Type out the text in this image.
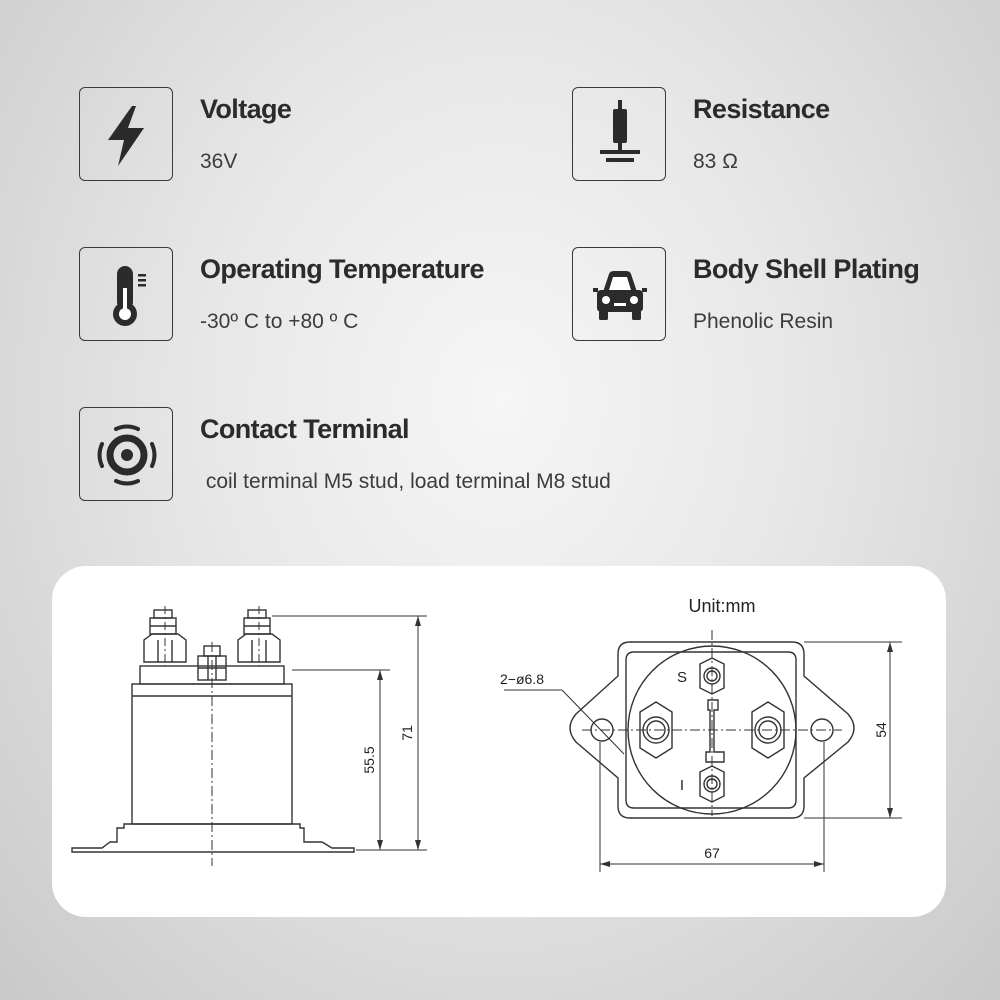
Voltage
36V
Resistance
83 Ω
Operating Temperature
-30º C to +80 º C
Body Shell Plating
Phenolic Resin
Contact Terminal
coil terminal M5 stud, load terminal M8 stud
55.5
71
Unit:mm
2−ø6.8
54
67
S
I
